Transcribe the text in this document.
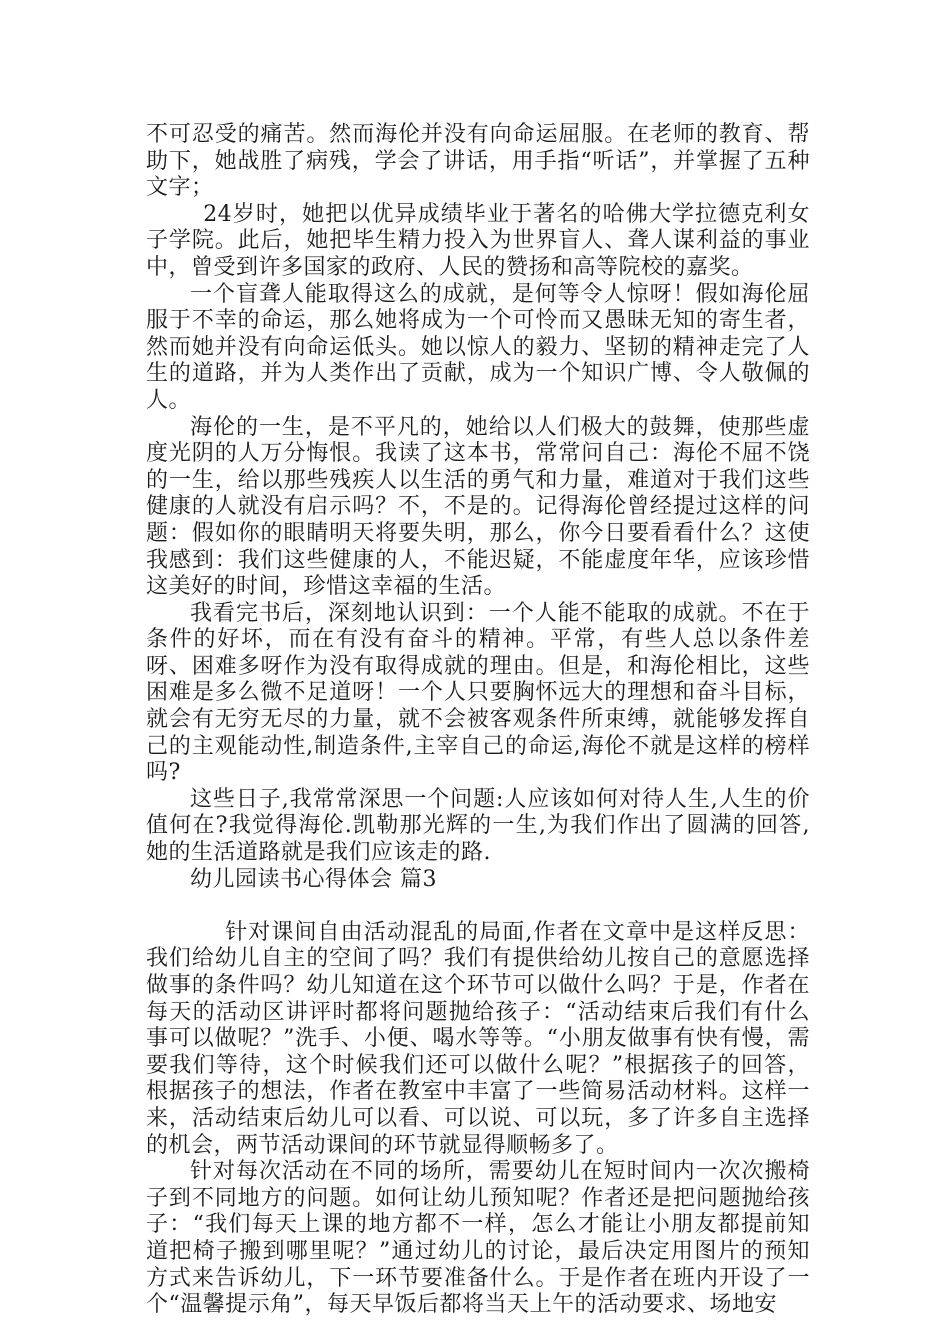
不可忍受的痛苦。然而海伦并没有向命运屈服。在老师的教育、帮助下，她战胜了病残，学会了讲话，用手指“听话”，并掌握了五种文字；

24岁时，她把以优异成绩毕业于著名的哈佛大学拉德克利女子学院。此后，她把毕生精力投入为世界盲人、聋人谋利益的事业中，曾受到许多国家的政府、人民的赞扬和高等院校的嘉奖。

一个盲聋人能取得这么的成就，是何等令人惊呀！假如海伦屈服于不幸的命运，那么她将成为一个可怜而又愚昧无知的寄生者，然而她并没有向命运低头。她以惊人的毅力、坚韧的精神走完了人生的道路，并为人类作出了贡献，成为一个知识广博、令人敬佩的人。

海伦的一生，是不平凡的，她给以人们极大的鼓舞，使那些虚度光阴的人万分悔恨。我读了这本书，常常问自己：海伦不屈不饶的一生，给以那些残疾人以生活的勇气和力量，难道对于我们这些健康的人就没有启示吗？不，不是的。记得海伦曾经提过这样的问题：假如你的眼睛明天将要失明，那么，你今日要看看什么？这使我感到：我们这些健康的人，不能迟疑，不能虚度年华，应该珍惜这美好的时间，珍惜这幸福的生活。

我看完书后，深刻地认识到：一个人能不能取的成就。不在于条件的好坏，而在有没有奋斗的精神。平常，有些人总以条件差呀、困难多呀作为没有取得成就的理由。但是，和海伦相比，这些困难是多么微不足道呀！一个人只要胸怀远大的理想和奋斗目标，就会有无穷无尽的力量，就不会被客观条件所束缚，就能够发挥自己的主观能动性,制造条件,主宰自己的命运,海伦不就是这样的榜样吗?

这些日子,我常常深思一个问题:人应该如何对待人生,人生的价值何在?我觉得海伦.凯勒那光辉的一生,为我们作出了圆满的回答,她的生活道路就是我们应该走的路.

幼儿园读书心得体会 篇3

针对课间自由活动混乱的局面,作者在文章中是这样反思：我们给幼儿自主的空间了吗？我们有提供给幼儿按自己的意愿选择做事的条件吗？幼儿知道在这个环节可以做什么吗？于是，作者在每天的活动区讲评时都将问题抛给孩子：“活动结束后我们有什么事可以做呢？”洗手、小便、喝水等等。“小朋友做事有快有慢，需要我们等待，这个时候我们还可以做什么呢？”根据孩子的回答，根据孩子的想法，作者在教室中丰富了一些简易活动材料。这样一来，活动结束后幼儿可以看、可以说、可以玩，多了许多自主选择的机会，两节活动课间的环节就显得顺畅多了。

针对每次活动在不同的场所，需要幼儿在短时间内一次次搬椅子到不同地方的问题。如何让幼儿预知呢？作者还是把问题抛给孩子：“我们每天上课的地方都不一样，怎么才能让小朋友都提前知道把椅子搬到哪里呢？”通过幼儿的讨论，最后决定用图片的预知方式来告诉幼儿，下一环节要准备什么。于是作者在班内开设了一个“温馨提示角”，每天早饭后都将当天上午的活动要求、场地安
